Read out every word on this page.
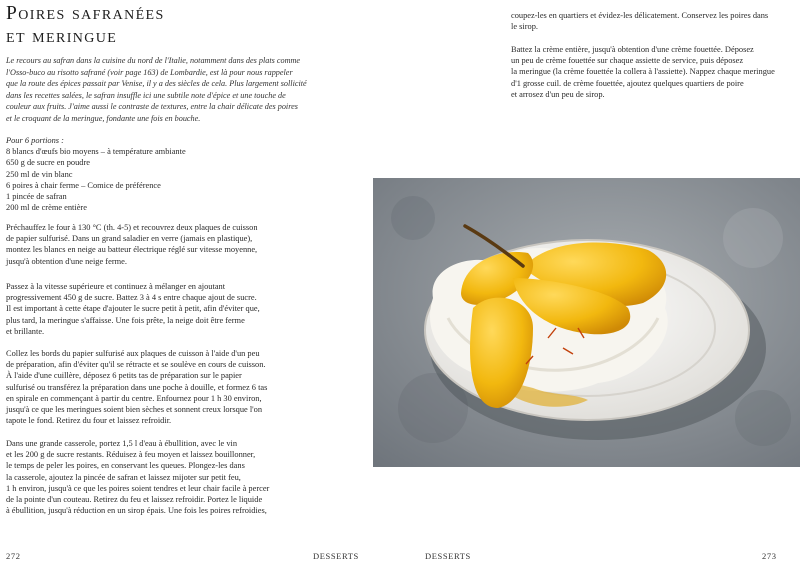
Poires safranées
et meringue

Le recours au safran dans la cuisine du nord de l'Italie, notamment dans des plats comme
l'Osso-buco au risotto safrané (voir page 163) de Lombardie, est là pour nous rappeler
que la route des épices passait par Venise, il y a des siècles de cela. Plus largement sollicité
dans les recettes salées, le safran insuffle ici une subtile note d'épice et une touche de
couleur aux fruits. J'aime aussi le contraste de textures, entre la chair délicate des poires
et le croquant de la meringue, fondante une fois en bouche.

Pour 6 portions :
8 blancs d'œufs bio moyens – à température ambiante
650 g de sucre en poudre
250 ml de vin blanc
6 poires à chair ferme – Comice de préférence
1 pincée de safran
200 ml de crème entière
Préchauffez le four à 130 °C (th. 4-5) et recouvrez deux plaques de cuisson
de papier sulfurisé. Dans un grand saladier en verre (jamais en plastique),
montez les blancs en neige au batteur électrique réglé sur vitesse moyenne,
jusqu'à obtention d'une neige ferme.
Passez à la vitesse supérieure et continuez à mélanger en ajoutant
progressivement 450 g de sucre. Battez 3 à 4 s entre chaque ajout de sucre.
Il est important à cette étape d'ajouter le sucre petit à petit, afin d'éviter que,
plus tard, la meringue s'affaisse. Une fois prête, la neige doit être ferme
et brillante.
Collez les bords du papier sulfurisé aux plaques de cuisson à l'aide d'un peu
de préparation, afin d'éviter qu'il se rétracte et se soulève en cours de cuisson.
À l'aide d'une cuillère, déposez 6 petits tas de préparation sur le papier
sulfurisé ou transférez la préparation dans une poche à douille, et formez 6 tas
en spirale en commençant à partir du centre. Enfournez pour 1 h 30 environ,
jusqu'à ce que les meringues soient bien sèches et sonnent creux lorsque l'on
tapote le fond. Retirez du four et laissez refroidir.
Dans une grande casserole, portez 1,5 l d'eau à ébullition, avec le vin
et les 200 g de sucre restants. Réduisez à feu moyen et laissez bouillonner,
le temps de peler les poires, en conservant les queues. Plongez-les dans
la casserole, ajoutez la pincée de safran et laissez mijoter sur petit feu,
1 h environ, jusqu'à ce que les poires soient tendres et leur chair facile à percer
de la pointe d'un couteau. Retirez du feu et laissez refroidir. Portez le liquide
à ébullition, jusqu'à réduction en un sirop épais. Une fois les poires refroidies,
272	DESSERTS
coupez-les en quartiers et évidez-les délicatement. Conservez les poires dans
le sirop.
Battez la crème entière, jusqu'à obtention d'une crème fouettée. Déposez
un peu de crème fouettée sur chaque assiette de service, puis déposez
la meringue (la crème fouettée la collera à l'assiette). Nappez chaque meringue
d'1 grosse cuil. de crème fouettée, ajoutez quelques quartiers de poire
et arrosez d'un peu de sirop.
DESSERTS	273
